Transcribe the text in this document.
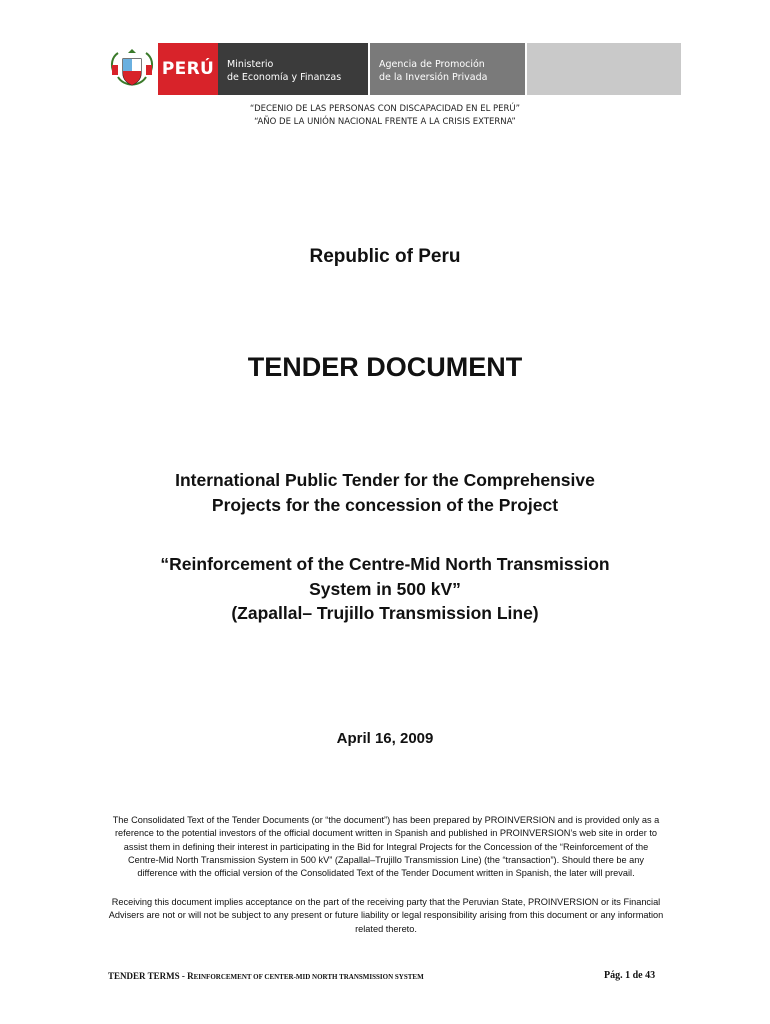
PERÚ	Ministerio
de Economía y Finanzas
Agencia de Promoción
de la Inversión Privada
“DECENIO DE LAS PERSONAS CON DISCAPACIDAD EN EL PERÚ”
“AÑO DE LA UNIÓN NACIONAL FRENTE A LA CRISIS EXTERNA”
Republic of Peru
TENDER DOCUMENT
International Public Tender for the Comprehensive
Projects for the concession of the Project
“Reinforcement of the Centre-Mid North Transmission
System in 500 kV”
(Zapallal– Trujillo Transmission Line)
April 16, 2009
The Consolidated Text of the Tender Documents (or “the document”) has been prepared by PROINVERSION and is provided only as a reference to the potential investors of the official document written in Spanish and published in PROINVERSION’s web site in order to assist them in defining their interest in participating in the Bid for Integral Projects for the Concession of the “Reinforcement of the Centre-Mid North Transmission System in 500 kV” (Zapallal–Trujillo Transmission Line) (the “transaction”). Should there be any difference with the official version of the Consolidated Text of the Tender Document written in Spanish, the later will prevail.
Receiving this document implies acceptance on the part of the receiving party that the Peruvian State, PROINVERSION or its Financial Advisers are not or will not be subject to any present or future liability or legal responsibility arising from this document or any information related thereto.
TENDER TERMS - REINFORCEMENT OF CENTER-MID NORTH TRANSMISSION SYSTEM	Pág. 1 de 43
